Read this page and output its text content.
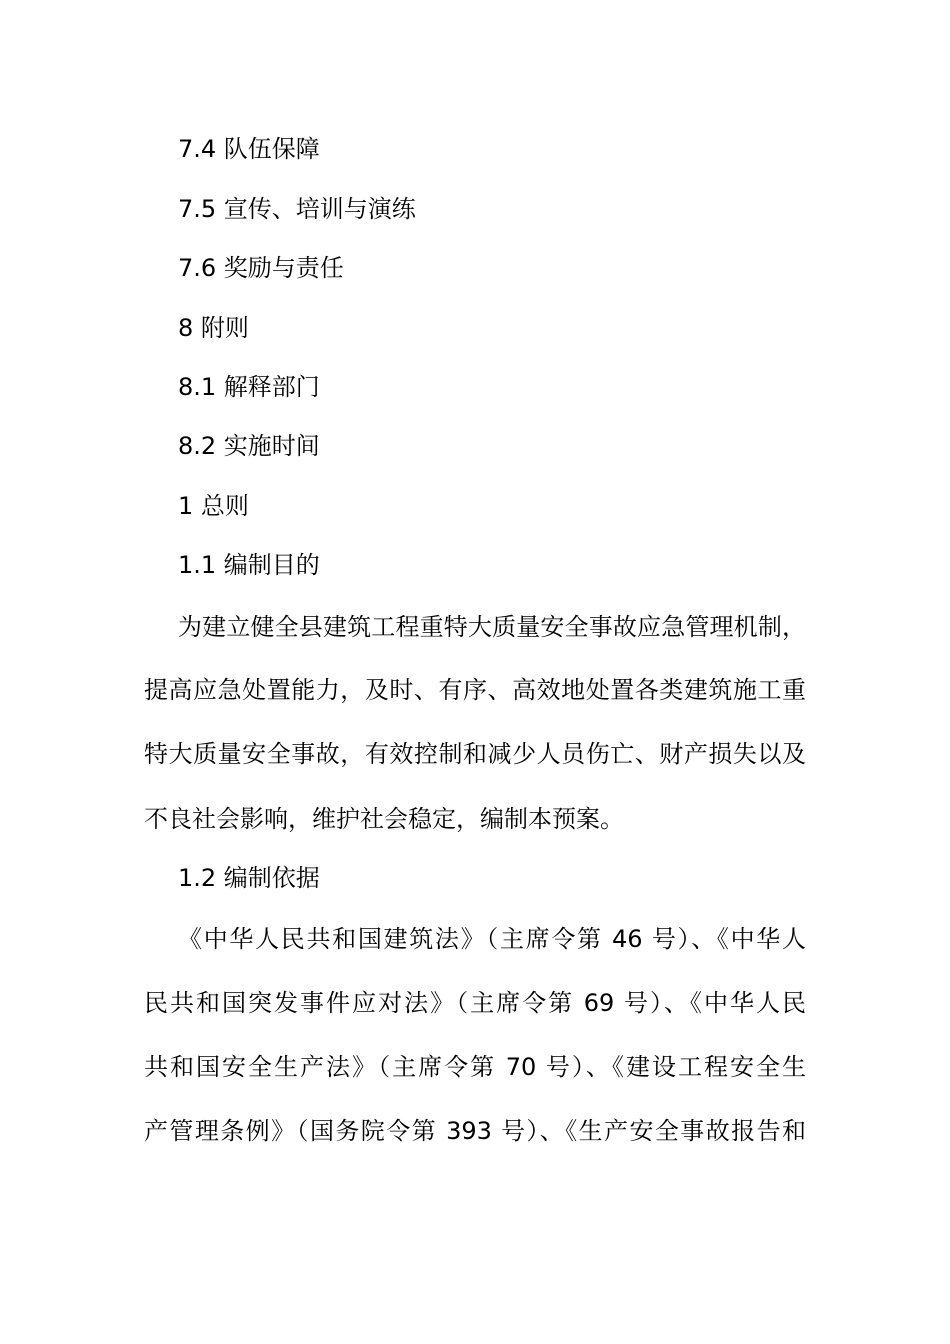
7.4 队伍保障
7.5 宣传、培训与演练
7.6 奖励与责任
8 附则
8.1 解释部门
8.2 实施时间
1 总则
1.1 编制目的
为建立健全县建筑工程重特大质量安全事故应急管理机制，
提高应急处置能力，及时、有序、高效地处置各类建筑施工重
特大质量安全事故，有效控制和减少人员伤亡、财产损失以及
不良社会影响，维护社会稳定，编制本预案。
1.2 编制依据
《中华人民共和国建筑法》（主席令第 46 号）、《中华人
民共和国突发事件应对法》（主席令第 69 号）、《中华人民
共和国安全生产法》（主席令第 70 号）、《建设工程安全生
产管理条例》（国务院令第 393 号）、《生产安全事故报告和
